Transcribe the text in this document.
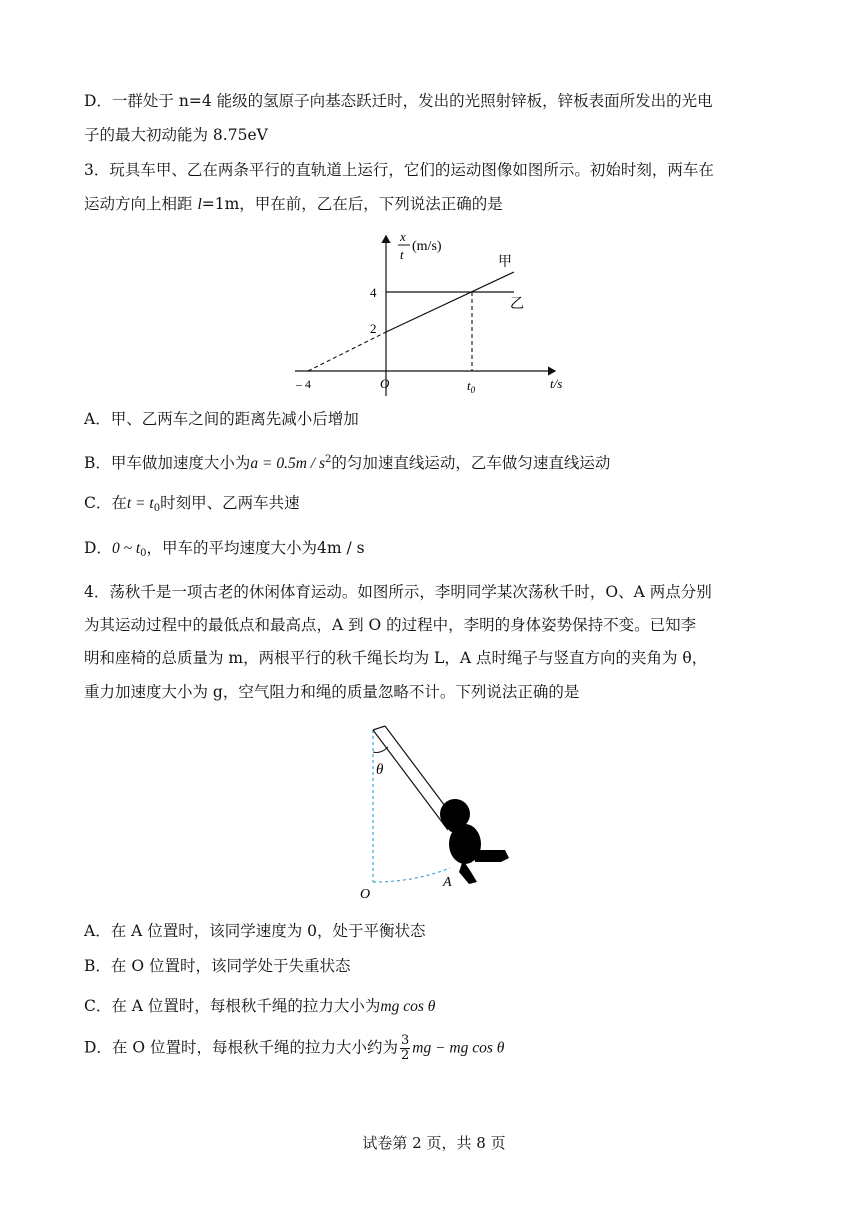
D．一群处于 n=4 能级的氢原子向基态跃迁时，发出的光照射锌板，锌板表面所发出的光电
子的最大初动能为 8.75eV
3．玩具车甲、乙在两条平行的直轨道上运行，它们的运动图像如图所示。初始时刻，两车在
运动方向上相距 l=1m，甲在前，乙在后，下列说法正确的是
x
t
(m/s)
甲
乙
4
2
– 4	O	$t_0$	t/s
A．甲、乙两车之间的距离先减小后增加
B．甲车做加速度大小为$a = 0.5m / s^2$的匀加速直线运动，乙车做匀速直线运动
C．在$t = t_0$时刻甲、乙两车共速
D．0 ~ $t_0$，甲车的平均速度大小为4m / s
4．荡秋千是一项古老的休闲体育运动。如图所示，李明同学某次荡秋千时，O、A 两点分别
为其运动过程中的最低点和最高点，A 到 O 的过程中，李明的身体姿势保持不变。已知李
明和座椅的总质量为 m，两根平行的秋千绳长均为 L，A 点时绳子与竖直方向的夹角为 θ，
重力加速度大小为 g，空气阻力和绳的质量忽略不计。下列说法正确的是
θ
O
A
A．在 A 位置时，该同学速度为 0，处于平衡状态
B．在 O 位置时，该同学处于失重状态
C．在 A 位置时，每根秋千绳的拉力大小为mg cos θ
D．在 O 位置时，每根秋千绳的拉力大小约为 $\frac{3}{2}$ mg − mg cos θ
试卷第 2 页，共 8 页
